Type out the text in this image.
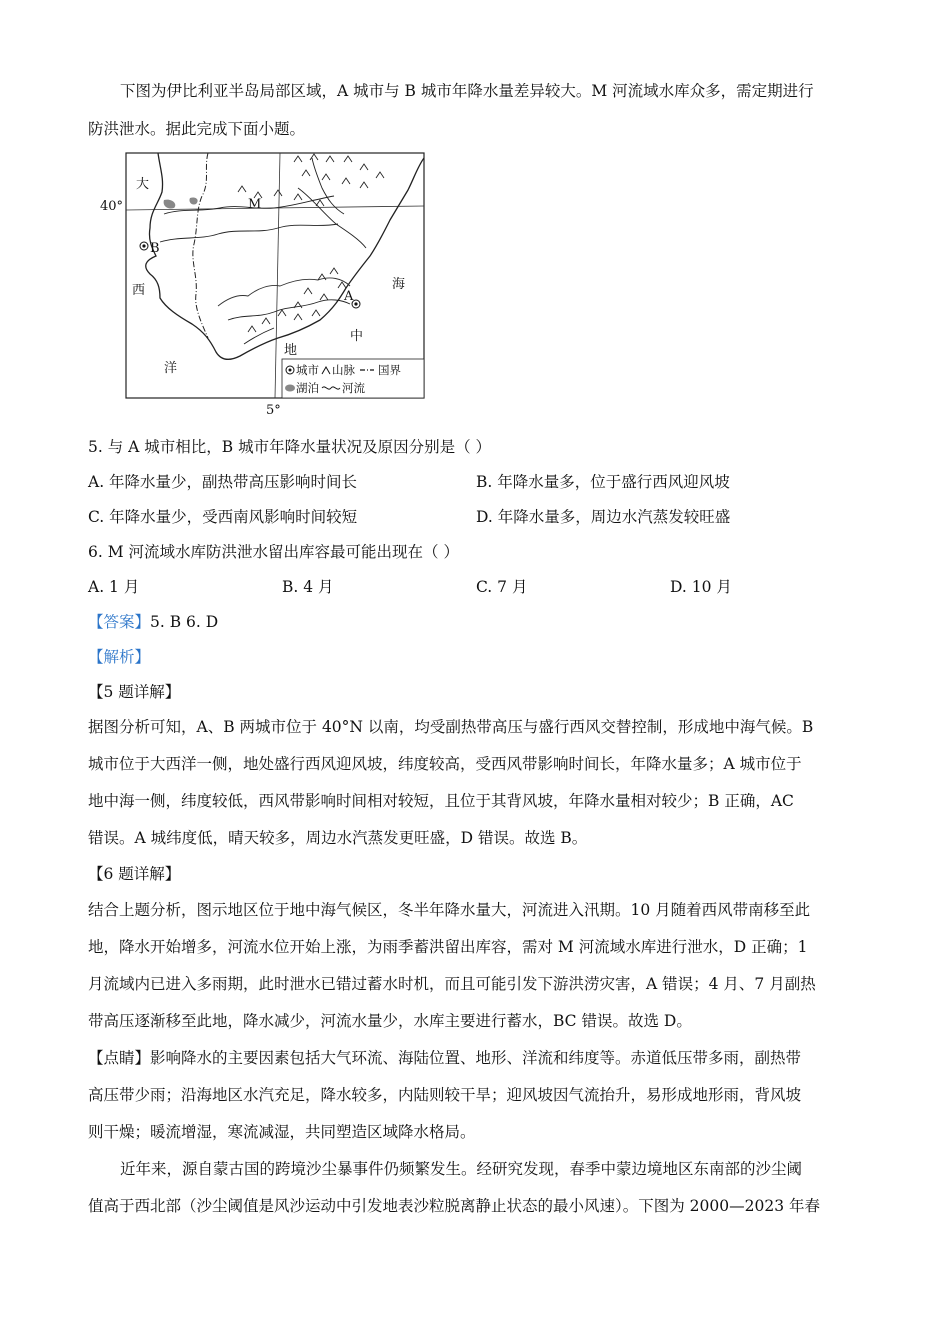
下图为伊比利亚半岛局部区域，A 城市与 B 城市年降水量差异较大。M 河流域水库众多，需定期进行
防洪泄水。据此完成下面小题。
A
B
M
40°
5°
大
西
洋
地
中
海
城市 山脉 国界
湖泊 河流
5. 与 A 城市相比，B 城市年降水量状况及原因分别是（ ）
A. 年降水量少，副热带高压影响时间长	B. 年降水量多，位于盛行西风迎风坡
C. 年降水量少，受西南风影响时间较短	D. 年降水量多，周边水汽蒸发较旺盛
6. M 河流域水库防洪泄水留出库容最可能出现在（ ）
A. 1 月	B. 4 月	C. 7 月	D. 10 月
【答案】5. B 6. D
【解析】
【5 题详解】
据图分析可知，A、B 两城市位于 40°N 以南，均受副热带高压与盛行西风交替控制，形成地中海气候。B
城市位于大西洋一侧，地处盛行西风迎风坡，纬度较高，受西风带影响时间长，年降水量多；A 城市位于
地中海一侧，纬度较低，西风带影响时间相对较短，且位于其背风坡，年降水量相对较少；B 正确，AC
错误。A 城纬度低，晴天较多，周边水汽蒸发更旺盛，D 错误。故选 B。
【6 题详解】
结合上题分析，图示地区位于地中海气候区，冬半年降水量大，河流进入汛期。10 月随着西风带南移至此
地，降水开始增多，河流水位开始上涨，为雨季蓄洪留出库容，需对 M 河流域水库进行泄水，D 正确；1
月流域内已进入多雨期，此时泄水已错过蓄水时机，而且可能引发下游洪涝灾害，A 错误；4 月、7 月副热
带高压逐渐移至此地，降水减少，河流水量少，水库主要进行蓄水，BC 错误。故选 D。
【点睛】影响降水的主要因素包括大气环流、海陆位置、地形、洋流和纬度等。赤道低压带多雨，副热带
高压带少雨；沿海地区水汽充足，降水较多，内陆则较干旱；迎风坡因气流抬升，易形成地形雨，背风坡
则干燥；暖流增湿，寒流减湿，共同塑造区域降水格局。
近年来，源自蒙古国的跨境沙尘暴事件仍频繁发生。经研究发现，春季中蒙边境地区东南部的沙尘阈
值高于西北部（沙尘阈值是风沙运动中引发地表沙粒脱离静止状态的最小风速）。下图为 2000—2023 年春
